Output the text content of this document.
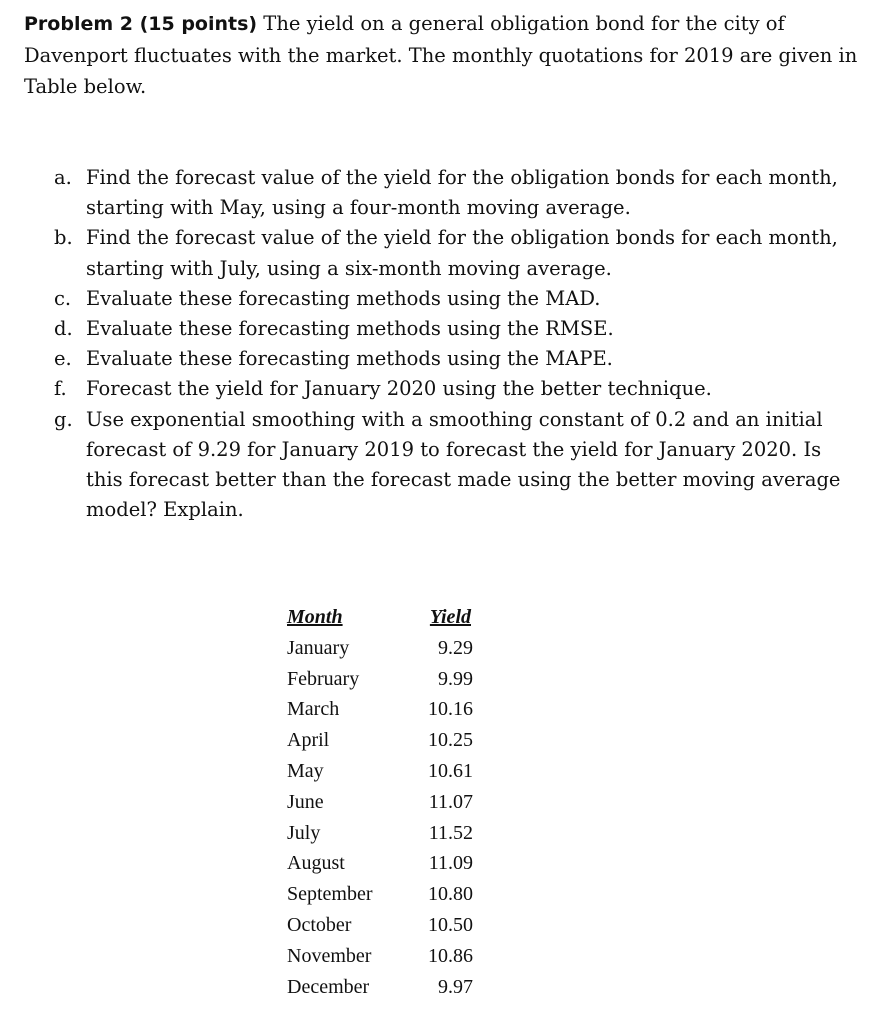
Problem 2 (15 points) The yield on a general obligation bond for the city of Davenport fluctuates with the market. The monthly quotations for 2019 are given in Table below.

a. Find the forecast value of the yield for the obligation bonds for each month, starting with May, using a four-month moving average.
b. Find the forecast value of the yield for the obligation bonds for each month, starting with July, using a six-month moving average.
c. Evaluate these forecasting methods using the MAD.
d. Evaluate these forecasting methods using the RMSE.
e. Evaluate these forecasting methods using the MAPE.
f. Forecast the yield for January 2020 using the better technique.
g. Use exponential smoothing with a smoothing constant of 0.2 and an initial forecast of 9.29 for January 2019 to forecast the yield for January 2020. Is this forecast better than the forecast made using the better moving average model? Explain.
Month	Yield
January	9.29
February	9.99
March	10.16
April	10.25
May	10.61
June	11.07
July	11.52
August	11.09
September	10.80
October	10.50
November	10.86
December	9.97
